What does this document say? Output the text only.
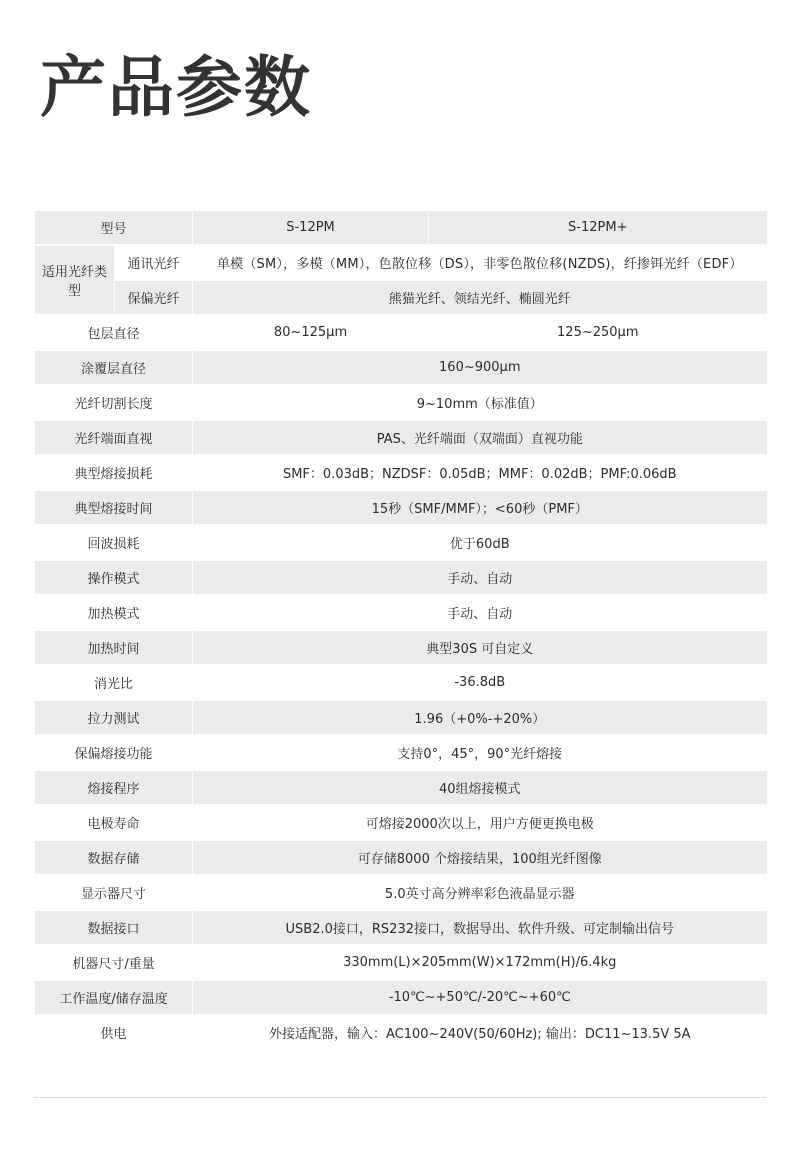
产品参数
型号		S-12PM	S-12PM+
适用光纤类型	通讯光纤	单模（SM），多模（MM），色散位移（DS），非零色散位移(NZDS)，纤掺铒光纤（EDF）	
	保偏光纤	熊猫光纤、领结光纤、椭圆光纤	
包层直径		80~125μm	125~250μm
涂覆层直径		160~900μm	
光纤切割长度		9~10mm（标准值）	
光纤端面直视		PAS、光纤端面（双端面）直视功能	
典型熔接损耗		SMF：0.03dB；NZDSF：0.05dB；MMF：0.02dB；PMF:0.06dB	
典型熔接时间		15秒（SMF/MMF）；<60秒（PMF）	
回波损耗		优于60dB	
操作模式		手动、自动	
加热模式		手动、自动	
加热时间		典型30S 可自定义	
消光比		-36.8dB	
拉力测试		1.96（+0%-+20%）	
保偏熔接功能		支持0°，45°，90°光纤熔接	
熔接程序		40组熔接模式	
电极寿命		可熔接2000次以上，用户方便更换电极	
数据存储		可存储8000 个熔接结果，100组光纤图像	
显示器尺寸		5.0英寸高分辨率彩色液晶显示器	
数据接口		USB2.0接口，RS232接口，数据导出、软件升级、可定制输出信号	
机器尺寸/重量		330mm(L)×205mm(W)×172mm(H)/6.4kg	
工作温度/储存温度		-10℃~+50℃/-20℃~+60℃	
供电		外接适配器，输入：AC100~240V(50/60Hz); 输出：DC11~13.5V 5A	
